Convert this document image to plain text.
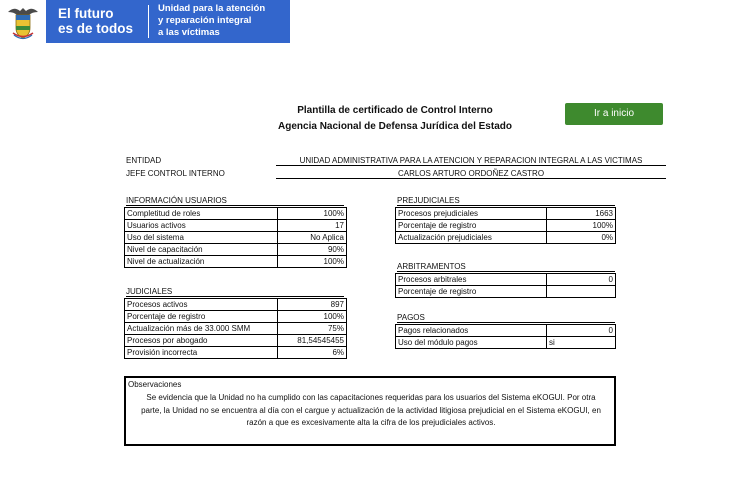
El futuro
es de todos
Unidad para la atención
y reparación integral
a las víctimas
Plantilla de certificado de Control Interno
Agencia Nacional de Defensa Jurídica del Estado
Ir a inicio
ENTIDAD	UNIDAD ADMINISTRATIVA PARA LA ATENCION Y REPARACION INTEGRAL A LAS VICTIMAS
JEFE CONTROL INTERNO	CARLOS ARTURO ORDOÑEZ CASTRO
INFORMACIÓN USUARIOS
Completitud de roles	100%
Usuarios activos	17
Uso del sistema	No Aplica
Nivel de capacitación	90%
Nivel de actualización	100%
JUDICIALES
Procesos activos	897
Porcentaje de registro	100%
Actualización más de 33.000 SMM	75%
Procesos por abogado	81,54545455
Provisión incorrecta	6%
PREJUDICIALES
Procesos prejudiciales	1663
Porcentaje de registro	100%
Actualización prejudiciales	0%
ARBITRAMENTOS
Procesos arbitrales	0
Porcentaje de registro	
PAGOS
Pagos relacionados	0
Uso del módulo pagos	si
Observaciones
Se evidencia que la Unidad no ha cumplido con las capacitaciones requeridas para los usuarios del Sistema eKOGUI. Por otra parte, la Unidad no se encuentra al día con el cargue y actualización de la actividad litigiosa prejudicial en el Sistema eKOGUI, en razón a que es excesivamente alta la cifra de los prejudiciales activos.
